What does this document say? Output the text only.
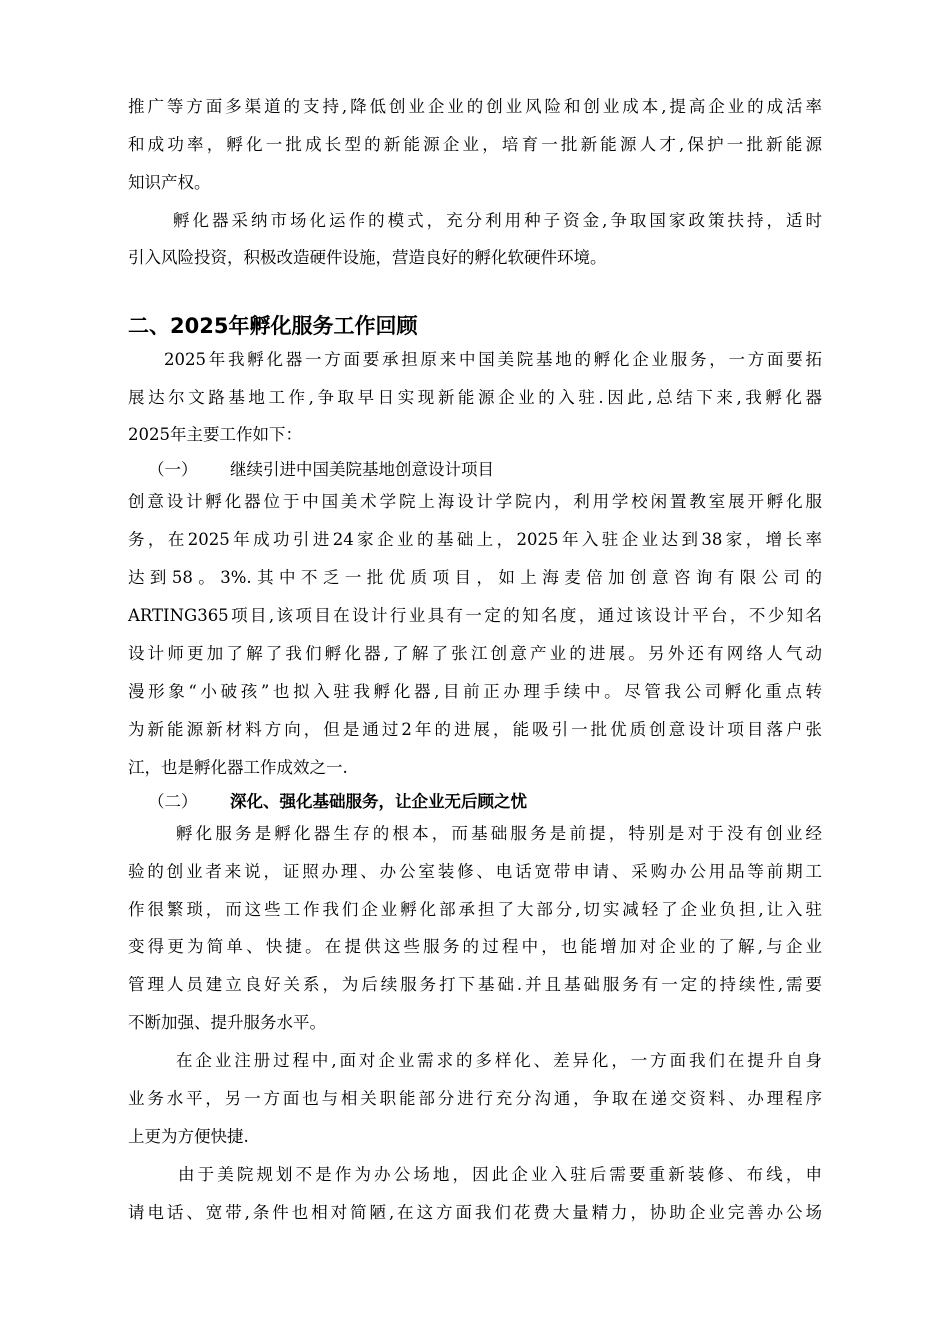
推广等方面多渠道的支持,降低创业企业的创业风险和创业成本,提高企业的成活率
和成功率，孵化一批成长型的新能源企业，培育一批新能源人才,保护一批新能源
知识产权。
孵化器采纳市场化运作的模式，充分利用种子资金,争取国家政策扶持，适时
引入风险投资，积极改造硬件设施，营造良好的孵化软硬件环境。
二、2025年孵化服务工作回顾
2025年我孵化器一方面要承担原来中国美院基地的孵化企业服务，一方面要拓
展达尔文路基地工作,争取早日实现新能源企业的入驻.因此,总结下来,我孵化器
2025年主要工作如下：
（一） 继续引进中国美院基地创意设计项目
创意设计孵化器位于中国美术学院上海设计学院内，利用学校闲置教室展开孵化服
务，在2025年成功引进24家企业的基础上，2025年入驻企业达到38家，增长率
达到58。3%.其中不乏一批优质项目，如上海麦倍加创意咨询有限公司的
ARTING365项目,该项目在设计行业具有一定的知名度，通过该设计平台，不少知名
设计师更加了解了我们孵化器,了解了张江创意产业的进展。另外还有网络人气动
漫形象“小破孩”也拟入驻我孵化器,目前正办理手续中。尽管我公司孵化重点转
为新能源新材料方向，但是通过2年的进展，能吸引一批优质创意设计项目落户张
江，也是孵化器工作成效之一.
（二） 深化、强化基础服务，让企业无后顾之忧
孵化服务是孵化器生存的根本，而基础服务是前提，特别是对于没有创业经
验的创业者来说，证照办理、办公室装修、电话宽带申请、采购办公用品等前期工
作很繁琐，而这些工作我们企业孵化部承担了大部分,切实减轻了企业负担,让入驻
变得更为简单、快捷。在提供这些服务的过程中，也能增加对企业的了解,与企业
管理人员建立良好关系，为后续服务打下基础.并且基础服务有一定的持续性,需要
不断加强、提升服务水平。
在企业注册过程中,面对企业需求的多样化、差异化，一方面我们在提升自身
业务水平，另一方面也与相关职能部分进行充分沟通，争取在递交资料、办理程序
上更为方便快捷.
由于美院规划不是作为办公场地，因此企业入驻后需要重新装修、布线，申
请电话、宽带,条件也相对简陋,在这方面我们花费大量精力，协助企业完善办公场
